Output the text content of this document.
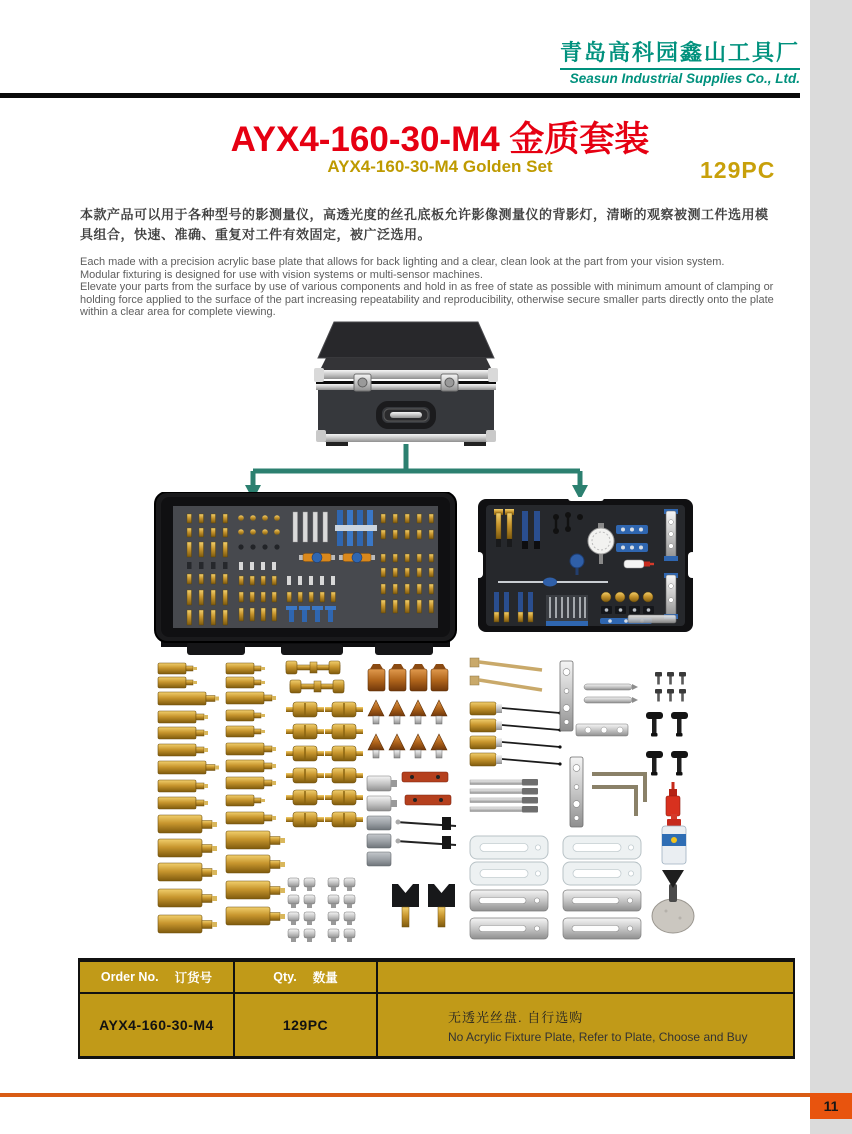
青岛高科园鑫山工具厂
Seasun Industrial Supplies Co., Ltd.
AYX4-160-30-M4 金质套装
AYX4-160-30-M4 Golden Set	129PC
本款产品可以用于各种型号的影测量仪，高透光度的丝孔底板允许影像测量仪的背影灯，清晰的观察被测工件选用模具组合，快速、准确、重复对工件有效固定，被广泛选用。
Each made with a precision acrylic base plate that allows for back lighting and a clear, clean look at the part from your vision system.
Modular fixturing is designed for use with vision systems or multi-sensor machines.
Elevate your parts from the surface by use of various components and hold in as free of state as possible with minimum amount of clamping or holding force applied to the surface of the part increasing repeatability and reproducibility, otherwise secure smaller parts directly onto the plate within a clear area for complete viewing.
Order No. 订货号	Qty. 数量
AYX4-160-30-M4	129PC	无透光丝盘. 自行选购
No Acrylic Fixture Plate, Refer to Plate, Choose and Buy
11
